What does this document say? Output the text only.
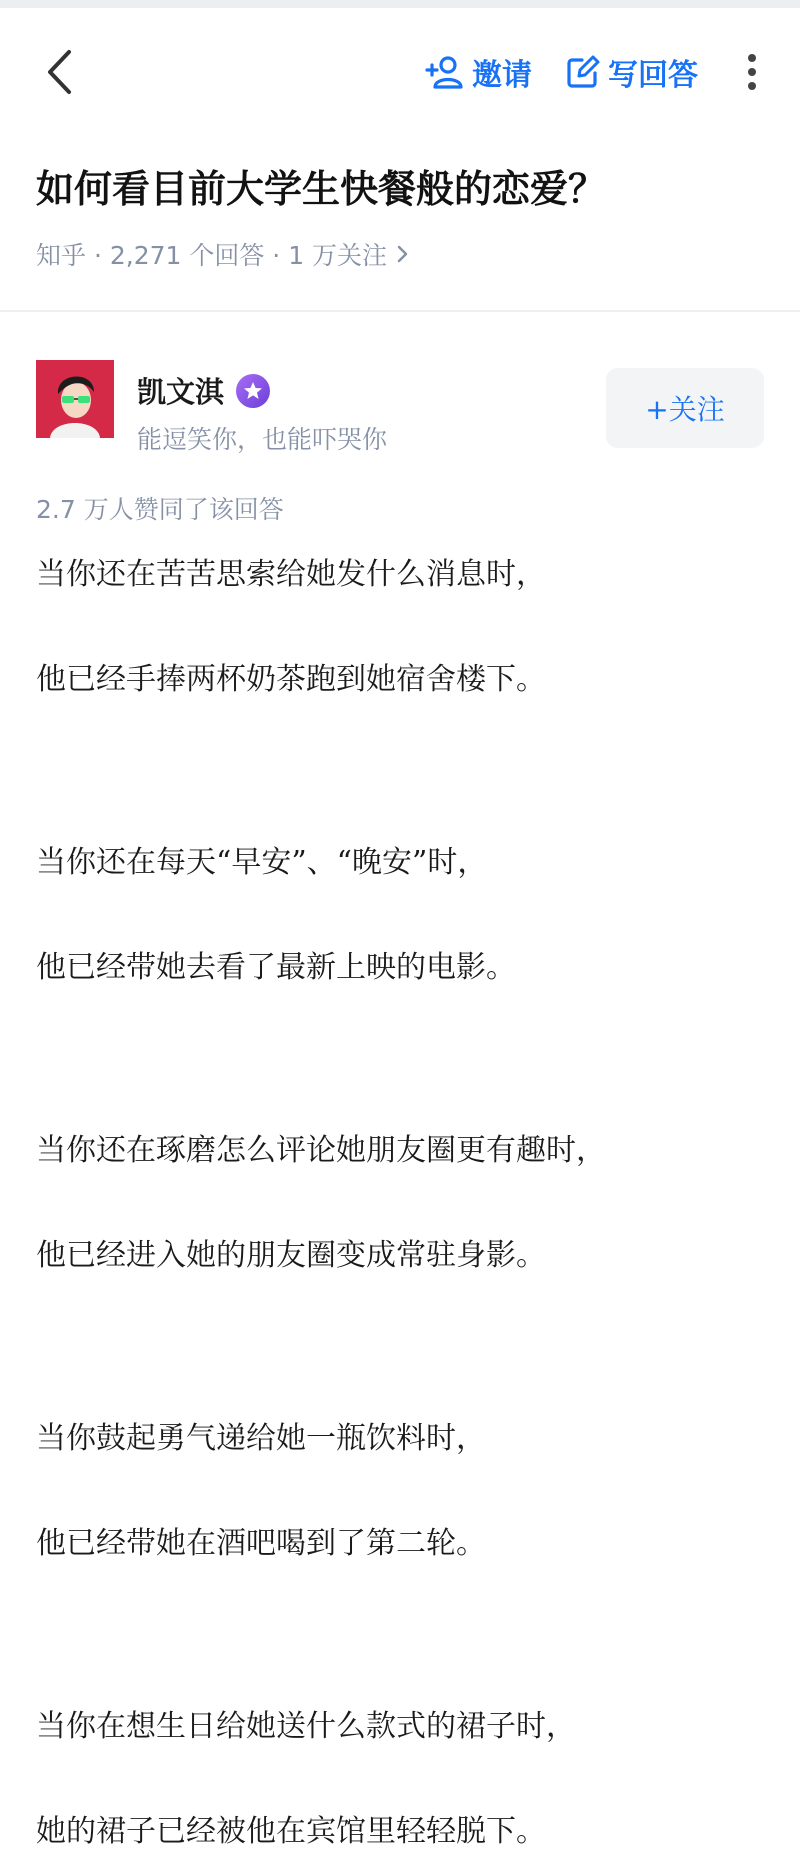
邀请	写回答
如何看目前大学生快餐般的恋爱？
知乎 · 2,271 个回答 · 1 万关注
凯文淇
能逗笑你，也能吓哭你
+关注
2.7 万人赞同了该回答

当你还在苦苦思索给她发什么消息时，

他已经手捧两杯奶茶跑到她宿舍楼下。

当你还在每天“早安”、“晚安”时，

他已经带她去看了最新上映的电影。

当你还在琢磨怎么评论她朋友圈更有趣时，

他已经进入她的朋友圈变成常驻身影。

当你鼓起勇气递给她一瓶饮料时，

他已经带她在酒吧喝到了第二轮。

当你在想生日给她送什么款式的裙子时，

她的裙子已经被他在宾馆里轻轻脱下。
